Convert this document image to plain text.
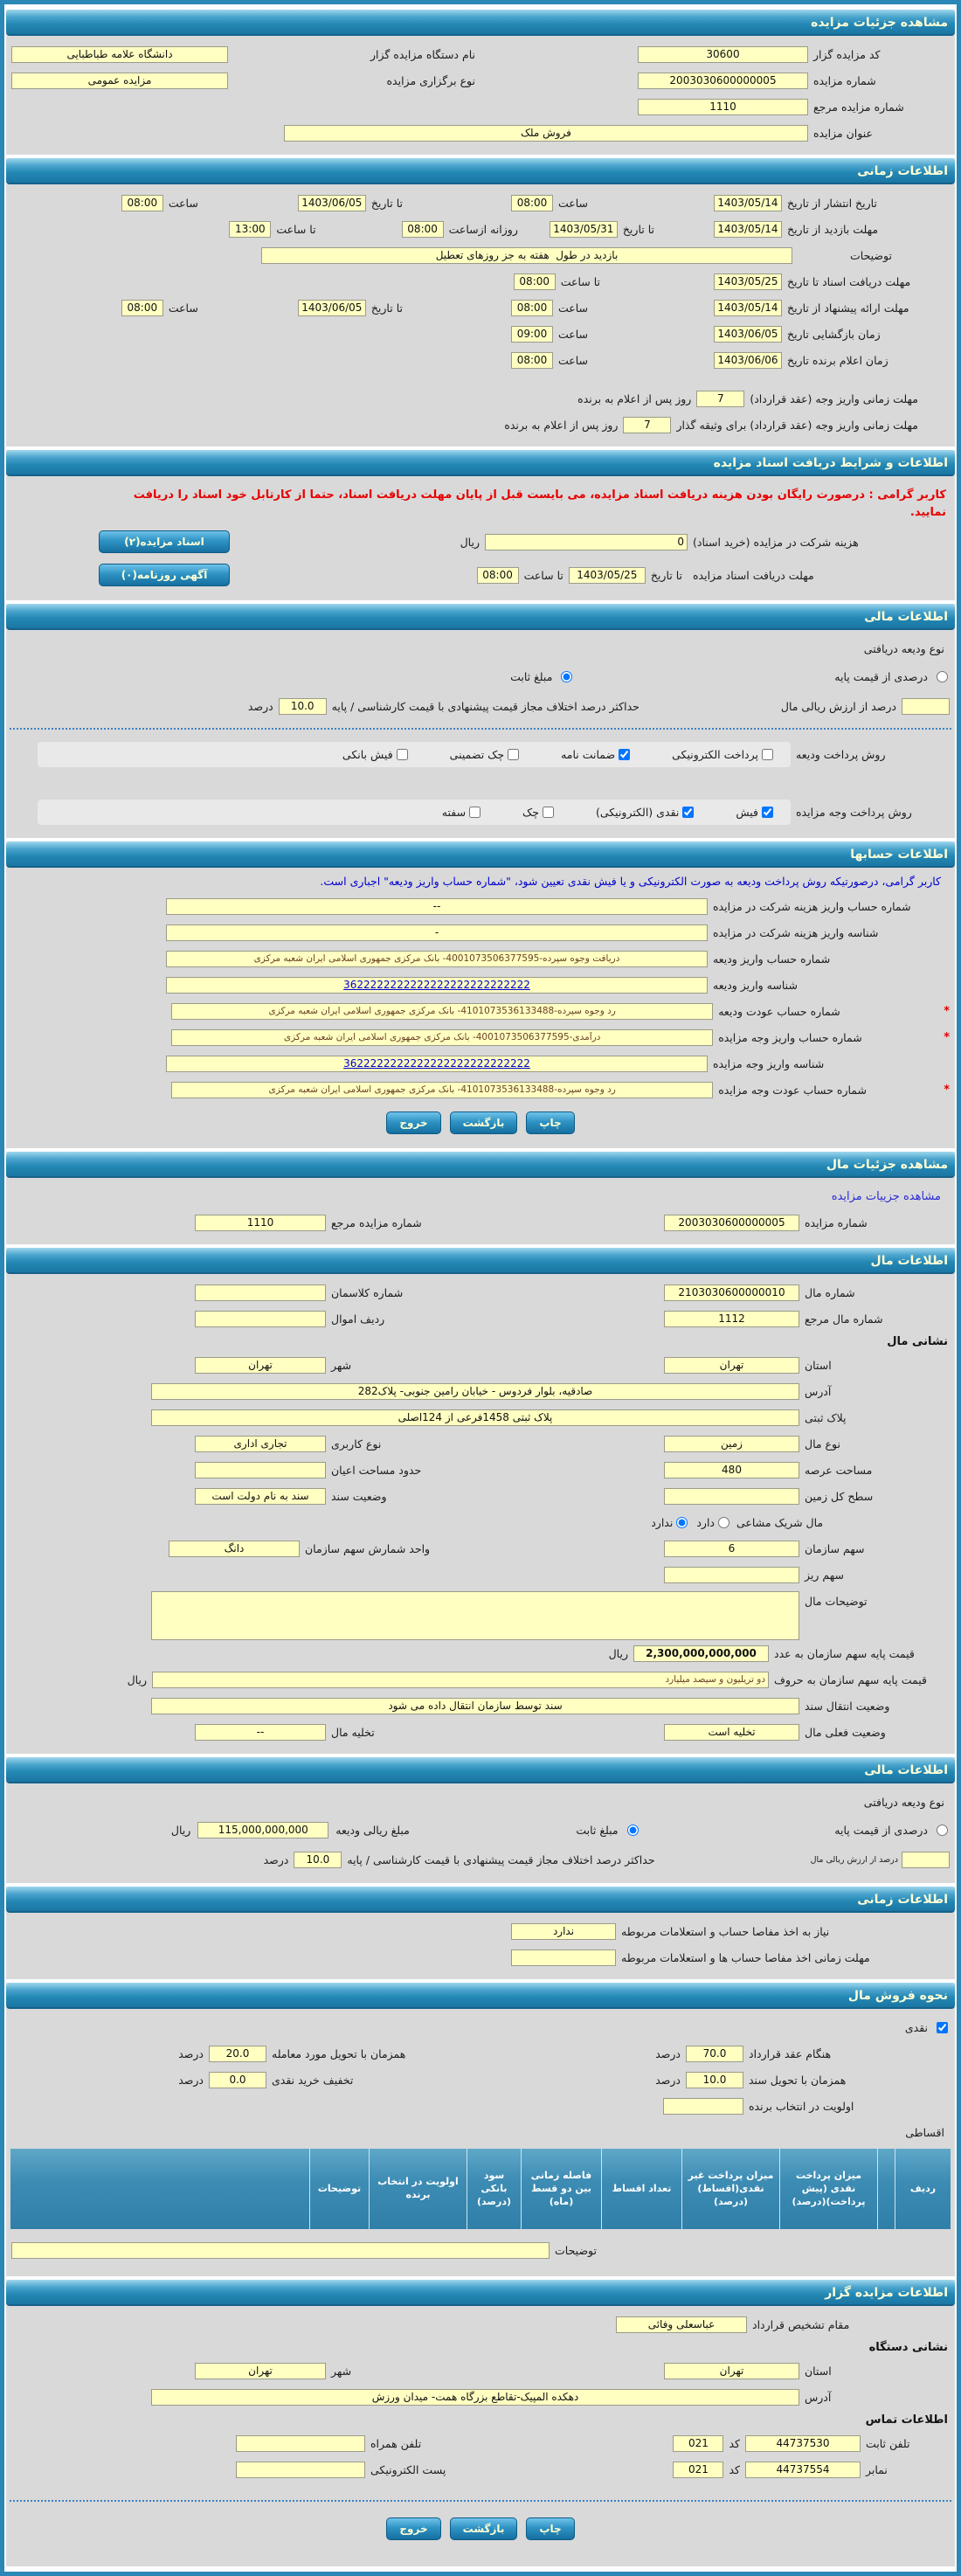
مشاهده جزئیات مزایده
کد مزایده گزار
30600
نام دستگاه مزایده گزار
دانشگاه علامه طباطبایی
شماره مزایده
2003030600000005
نوع برگزاری مزایده
مزایده عمومی
شماره مزایده مرجع
1110
عنوان مزایده
فروش ملک
اطلاعات زمانی
تاریخ انتشار از تاریخ
1403/05/14
ساعت
08:00
تا تاریخ
1403/06/05
ساعت
08:00
مهلت بازدید از تاریخ
1403/05/14
تا تاریخ
1403/05/31
روزانه ازساعت
08:00
تا ساعت
13:00
توضیحات
بازدید در طول هفته به جز روزهای تعطیل
مهلت دریافت اسناد تا تاریخ
1403/05/25
تا ساعت
08:00
مهلت ارائه پیشنهاد از تاریخ
1403/05/14
ساعت
08:00
تا تاریخ
1403/06/05
ساعت
08:00
زمان بازگشایی تاریخ
1403/06/05
ساعت
09:00
زمان اعلام برنده تاریخ
1403/06/06
ساعت
08:00
مهلت زمانی واریز وجه (عقد قرارداد)
7
روز پس از اعلام به برنده
مهلت زمانی واریز وجه (عقد قرارداد) برای وثیقه گذار
7
روز پس از اعلام به برنده
اطلاعات و شرایط دریافت اسناد مزایده
کاربر گرامی : درصورت رایگان بودن هزینه دریافت اسناد مزایده، می بایست قبل از پایان مهلت دریافت اسناد، حتما از کارتابل خود اسناد را دریافت نمایید.
هزینه شرکت در مزایده (خرید اسناد)
0
ریال
اسناد مزایده(۲)
مهلت دریافت اسناد مزایده
تا تاریخ
1403/05/25
تا ساعت
08:00
آگهی روزنامه(۰)
اطلاعات مالی
نوع ودیعه دریافتی
درصدی از قیمت پایه
مبلغ ثابت
درصد از ارزش ریالی مال
حداکثر درصد اختلاف مجاز قیمت پیشنهادی با قیمت کارشناسی / پایه
10.0
درصد
روش پرداخت ودیعه
پرداخت الکترونیکی
ضمانت نامه
چک تضمینی
فیش بانکی
روش پرداخت وجه مزایده
فیش
نقدی (الکترونیکی)
چک
سفته
اطلاعات حسابها
کاربر گرامی، درصورتیکه روش پرداخت ودیعه به صورت الکترونیکی و یا فیش نقدی تعیین شود، "شماره حساب واریز ودیعه" اجباری است.
شماره حساب واریز هزینه شرکت در مزایده
--
شناسه واریز هزینه شرکت در مزایده
-
شماره حساب واریز ودیعه
دریافت وجوه سپرده-4001073506377595- بانک مرکزی جمهوری اسلامی ایران شعبه مرکزی
شناسه واریز ودیعه
3622222222222222222222222222
*
شماره حساب عودت ودیعه
رد وجوه سپرده-4101073536133488- بانک مرکزی جمهوری اسلامی ایران شعبه مرکزی
*
شماره حساب واریز وجه مزایده
درآمدی-4001073506377595- بانک مرکزی جمهوری اسلامی ایران شعبه مرکزی
شناسه واریز وجه مزایده
3622222222222222222222222222
*
شماره حساب عودت وجه مزایده
رد وجوه سپرده-4101073536133488- بانک مرکزی جمهوری اسلامی ایران شعبه مرکزی
چاپ
بازگشت
خروج
مشاهده جزئیات مال
مشاهده جزییات مزایده
شماره مزایده
2003030600000005
شماره مزایده مرجع
1110
اطلاعات مال
شماره مال
2103030600000010
شماره کلاسمان
شماره مال مرجع
1112
ردیف اموال
نشانی مال
استان
تهران
شهر
تهران
آدرس
صادقیه، بلوار فردوس - خیابان رامین جنوبی- پلاک282
پلاک ثبتی
پلاک ثبتی 1458فرعی از 124اصلی
نوع مال
زمین
نوع کاربری
تجاری اداری
مساحت عرصه
480
حدود مساحت اعیان
سطح کل زمین
وضعیت سند
سند به نام دولت است
مال شریک مشاعی
دارد
ندارد
سهم سازمان
6
واحد شمارش سهم سازمان
دانگ
سهم ریز
توضیحات مال
قیمت پایه سهم سازمان به عدد
2,300,000,000,000
ریال
قیمت پایه سهم سازمان به حروف
دو تریلیون و سیصد میلیارد
ریال
وضعیت انتقال سند
سند توسط سازمان انتقال داده می شود
وضعیت فعلی مال
تخلیه است
تخلیه مال
--
اطلاعات مالی
نوع ودیعه دریافتی
درصدی از قیمت پایه
مبلغ ثابت
مبلغ ریالی ودیعه
115,000,000,000
ریال
درصد از ارزش ریالی مال
حداکثر درصد اختلاف مجاز قیمت پیشنهادی با قیمت کارشناسی / پایه
10.0
درصد
اطلاعات زمانی
نیاز به اخذ مفاصا حساب و استعلامات مربوطه
ندارد
مهلت زمانی اخذ مفاصا حساب ها و استعلامات مربوطه
نحوه فروش مال
نقدی
هنگام عقد قرارداد
70.0
درصد
همزمان با تحویل مورد معامله
20.0
درصد
همزمان با تحویل سند
10.0
درصد
تخفیف خرید نقدی
0.0
درصد
اولویت در انتخاب برنده
اقساطی
ردیف
میزان پرداخت نقدی (پیش پرداخت)(درصد)
میزان پرداخت غیر نقدی(اقساط) (درصد)
تعداد اقساط
فاصله زمانی بین دو قسط (ماه)
سود بانکی (درصد)
اولویت در انتخاب برنده
توضیحات
توضیحات
اطلاعات مزایده گزار
مقام تشخیص قرارداد
عباسعلی وفائی
نشانی دستگاه
استان
تهران
شهر
تهران
آدرس
دهکده المپیک-تقاطع بزرگاه همت- میدان ورزش
اطلاعات تماس
تلفن ثابت
44737530
کد
021
تلفن همراه
نمابر
44737554
کد
021
پست الکترونیکی
چاپ
بازگشت
خروج
